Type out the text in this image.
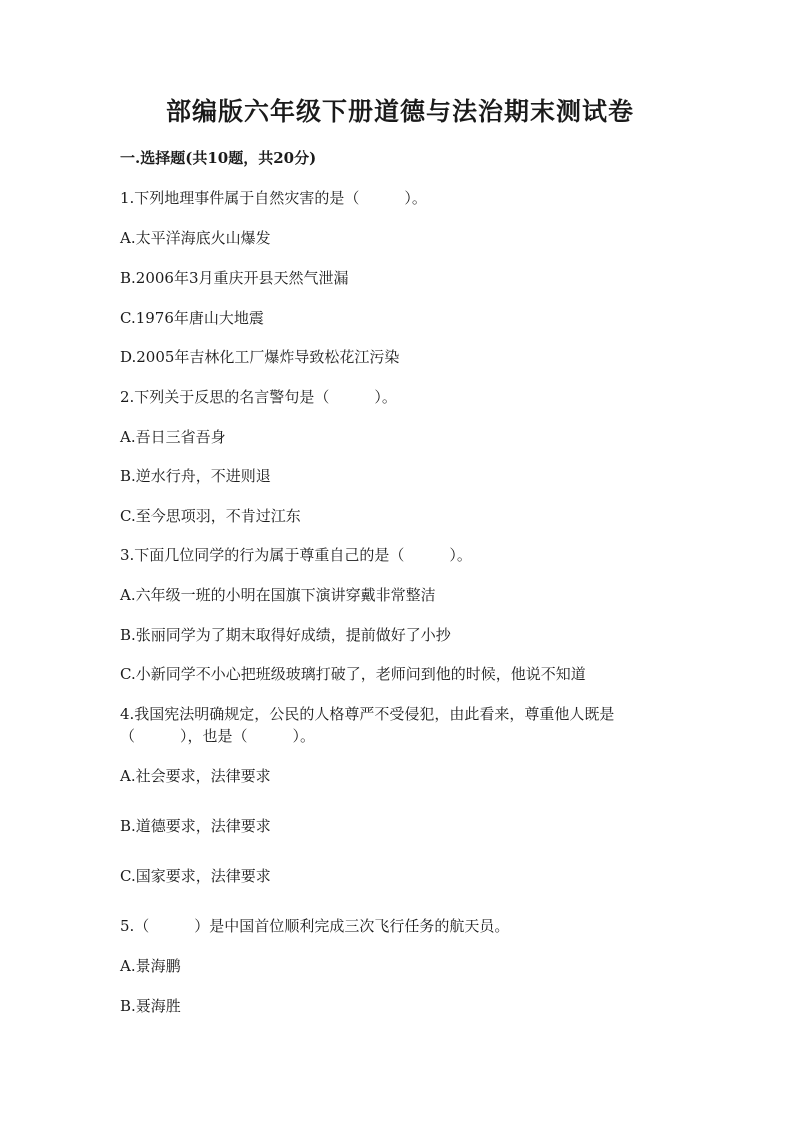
部编版六年级下册道德与法治期末测试卷
一.选择题(共10题，共20分)
1.下列地理事件属于自然灾害的是（　　　）。
A.太平洋海底火山爆发
B.2006年3月重庆开县天然气泄漏
C.1976年唐山大地震
D.2005年吉林化工厂爆炸导致松花江污染
2.下列关于反思的名言警句是（　　　）。
A.吾日三省吾身
B.逆水行舟，不进则退
C.至今思项羽，不肯过江东
3.下面几位同学的行为属于尊重自己的是（　　　）。
A.六年级一班的小明在国旗下演讲穿戴非常整洁
B.张丽同学为了期末取得好成绩，提前做好了小抄
C.小新同学不小心把班级玻璃打破了，老师问到他的时候，他说不知道
4.我国宪法明确规定，公民的人格尊严不受侵犯，由此看来，尊重他人既是
（　　　），也是（　　　）。
A.社会要求，法律要求
B.道德要求，法律要求
C.国家要求，法律要求
5.（　　　）是中国首位顺利完成三次飞行任务的航天员。
A.景海鹏
B.聂海胜
